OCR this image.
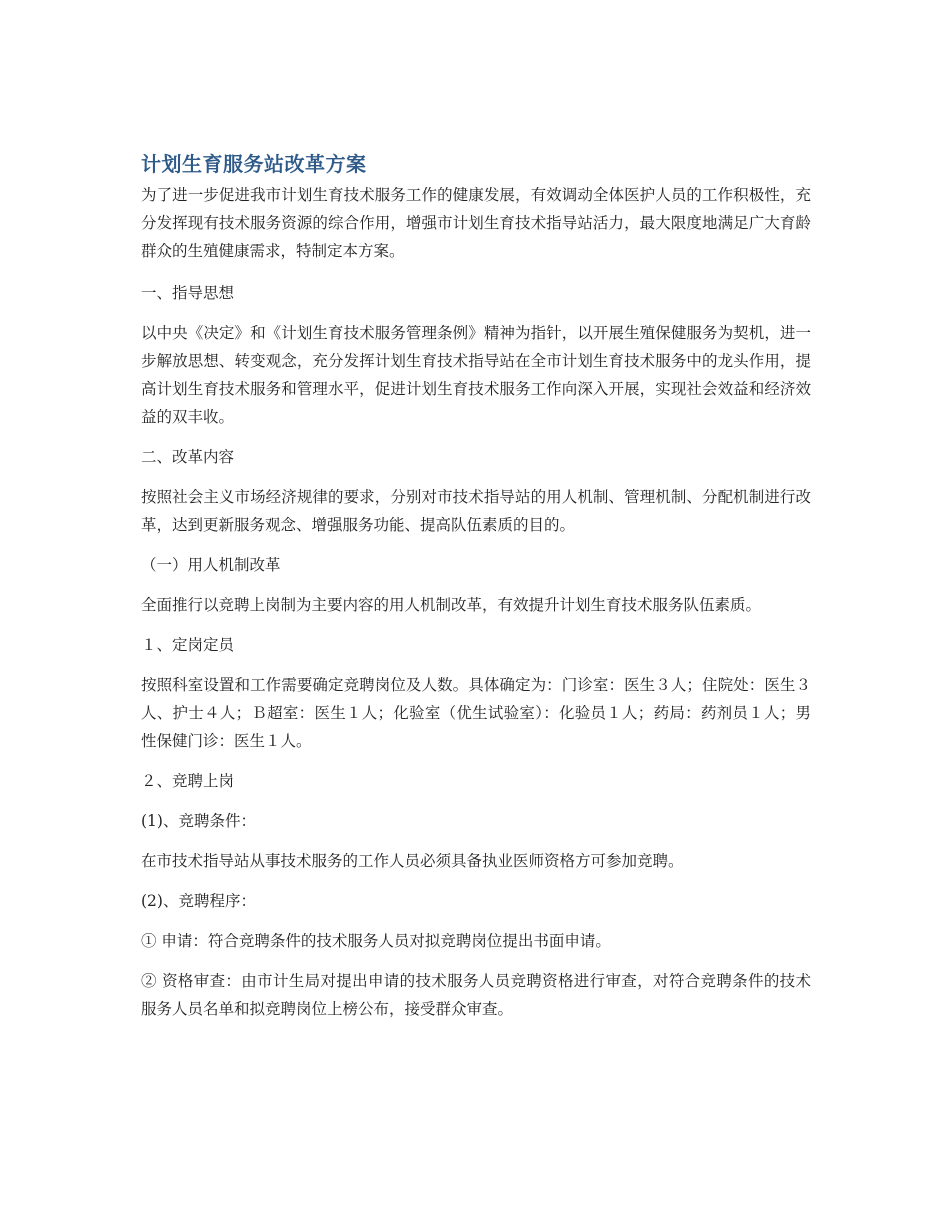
计划生育服务站改革方案

为了进一步促进我市计划生育技术服务工作的健康发展，有效调动全体医护人员的工作积极性，充分发挥现有技术服务资源的综合作用，增强市计划生育技术指导站活力，最大限度地满足广大育龄群众的生殖健康需求，特制定本方案。

一、指导思想

以中央《决定》和《计划生育技术服务管理条例》精神为指针，以开展生殖保健服务为契机，进一步解放思想、转变观念，充分发挥计划生育技术指导站在全市计划生育技术服务中的龙头作用，提高计划生育技术服务和管理水平，促进计划生育技术服务工作向深入开展，实现社会效益和经济效益的双丰收。

二、改革内容

按照社会主义市场经济规律的要求，分别对市技术指导站的用人机制、管理机制、分配机制进行改革，达到更新服务观念、增强服务功能、提高队伍素质的目的。

（一）用人机制改革

全面推行以竞聘上岗制为主要内容的用人机制改革，有效提升计划生育技术服务队伍素质。

１、定岗定员

按照科室设置和工作需要确定竞聘岗位及人数。具体确定为：门诊室：医生３人；住院处：医生３人、护士４人；Ｂ超室：医生１人；化验室（优生试验室）：化验员１人；药局：药剂员１人；男性保健门诊：医生１人。

２、竞聘上岗

(1)、竞聘条件：

在市技术指导站从事技术服务的工作人员必须具备执业医师资格方可参加竞聘。

(2)、竞聘程序：

① 申请：符合竞聘条件的技术服务人员对拟竞聘岗位提出书面申请。

② 资格审查：由市计生局对提出申请的技术服务人员竞聘资格进行审查，对符合竞聘条件的技术服务人员名单和拟竞聘岗位上榜公布，接受群众审查。
